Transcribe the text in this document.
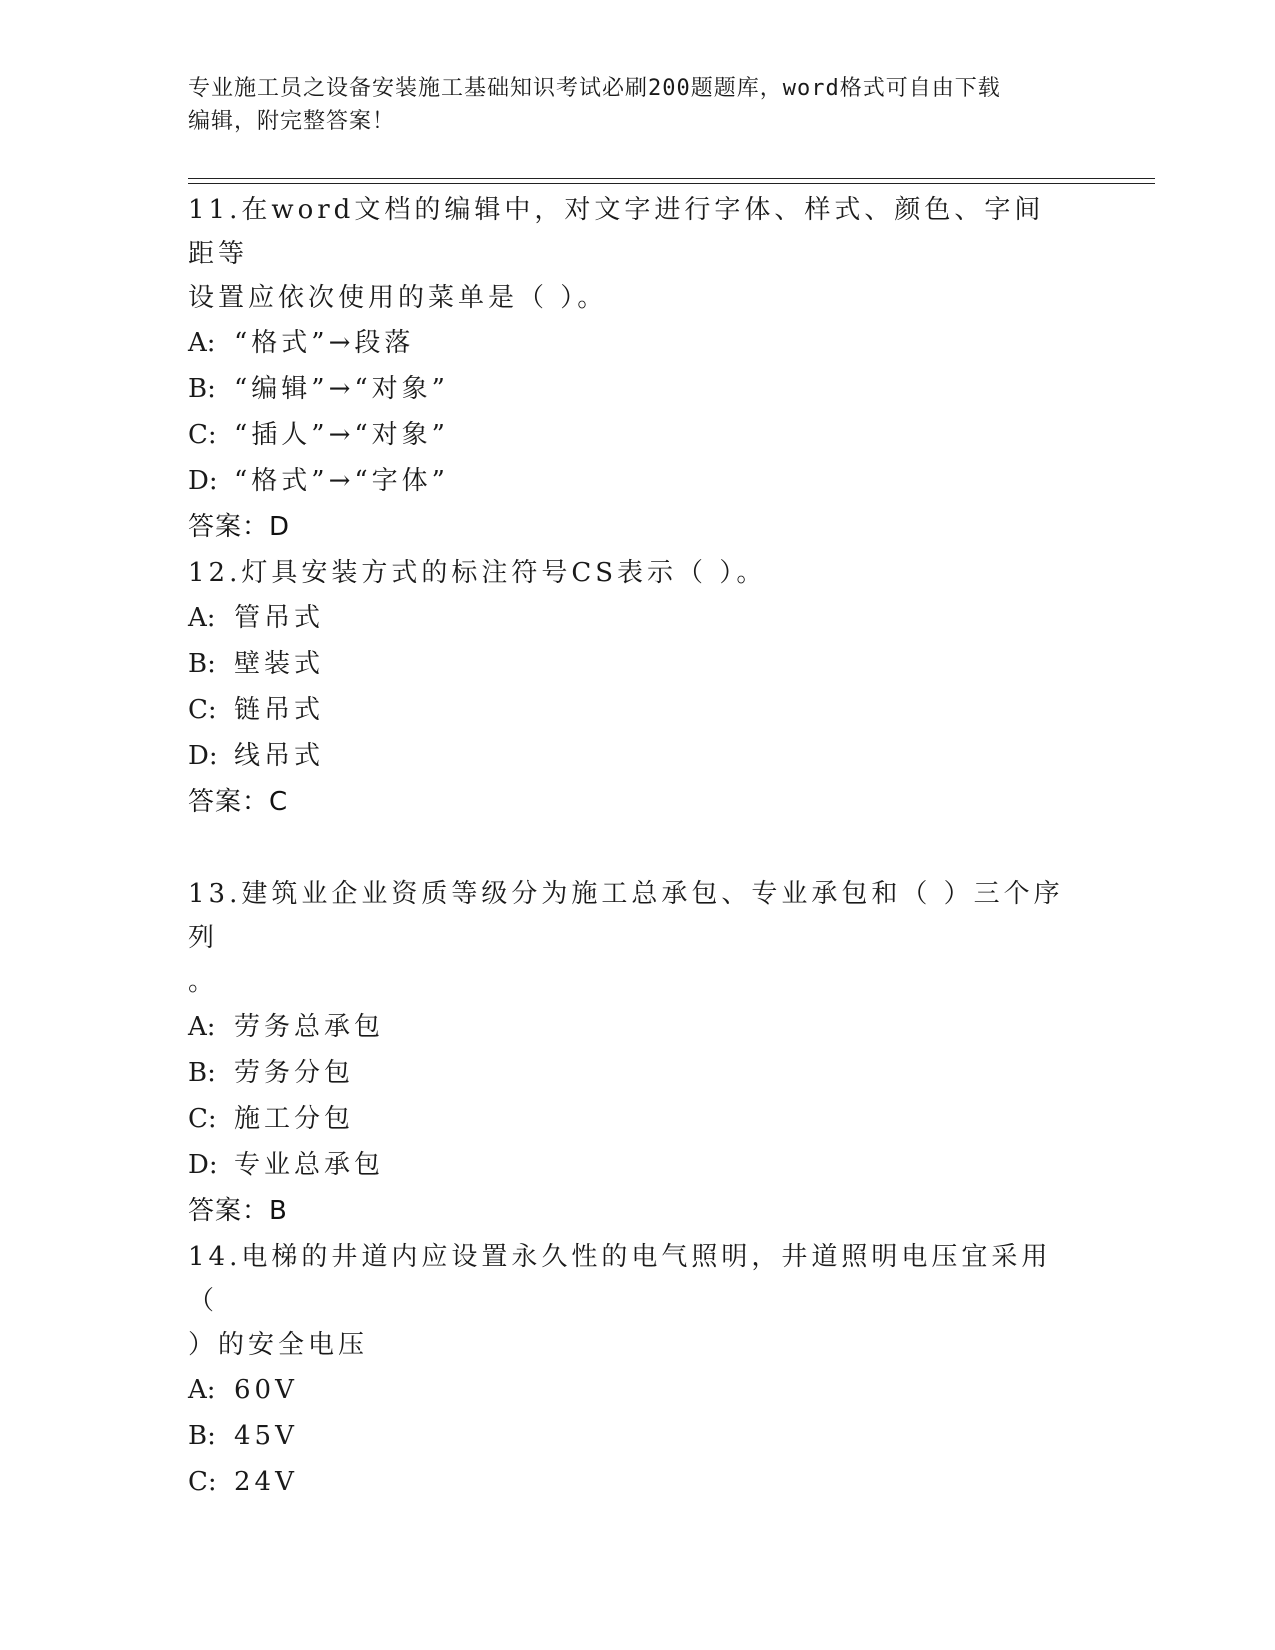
专业施工员之设备安装施工基础知识考试必刷200题题库，word格式可自由下载
编辑，附完整答案！
11.在word文档的编辑中，对文字进行字体、样式、颜色、字间距等
设置应依次使用的菜单是（ ）。
A: “格式”→段落
B: “编辑”→“对象”
C: “插人”→“对象”
D: “格式”→“字体”
答案：D
12.灯具安装方式的标注符号CS表示（ ）。
A: 管吊式
B: 壁装式
C: 链吊式
D: 线吊式
答案：C
13.建筑业企业资质等级分为施工总承包、专业承包和（ ）三个序列
。
A: 劳务总承包
B: 劳务分包
C: 施工分包
D: 专业总承包
答案：B
14.电梯的井道内应设置永久性的电气照明，井道照明电压宜采用（
）的安全电压
A: 60V
B: 45V
C: 24V
